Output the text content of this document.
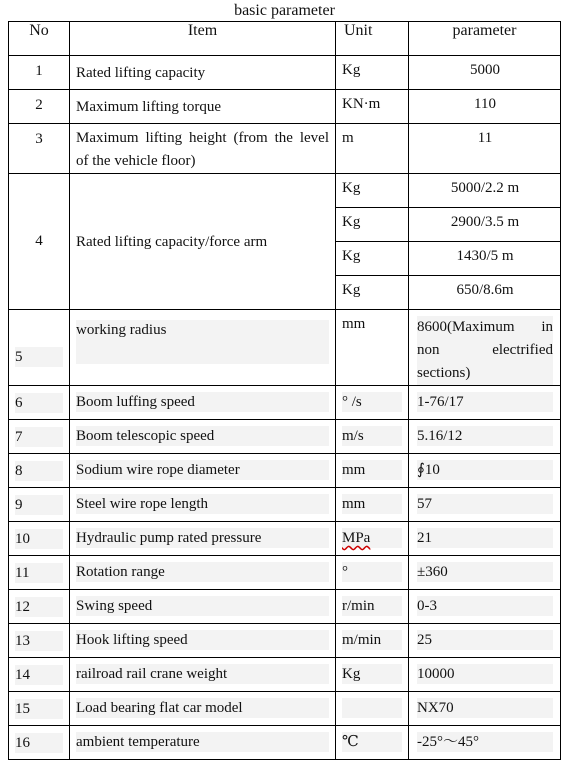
basic parameter
No	Item	Unit	parameter
1	Rated lifting capacity	Kg	5000
2	Maximum lifting torque	KN·m	110
3	Maximum lifting height (from the level of the vehicle floor)	m	11
4	Rated lifting capacity/force arm	Kg	5000/2.2 m
		Kg	2900/3.5 m
		Kg	1430/5 m
		Kg	650/8.6m
5	working radius	mm	8600(Maximum in non electrified sections)

6	Boom luffing speed	° /s	1-76/17

7	Boom telescopic speed	m/s	5.16/12

8	Sodium wire rope diameter	mm	∮10

9	Steel wire rope length	mm	57

10	Hydraulic pump rated pressure	MPa	21

11	Rotation range	°	±360

12	Swing speed	r/min	0-3

13	Hook lifting speed	m/min	25

14	railroad rail crane weight	Kg	10000

15	Load bearing flat car model		NX70

16	ambient temperature	℃	-25°～45°
